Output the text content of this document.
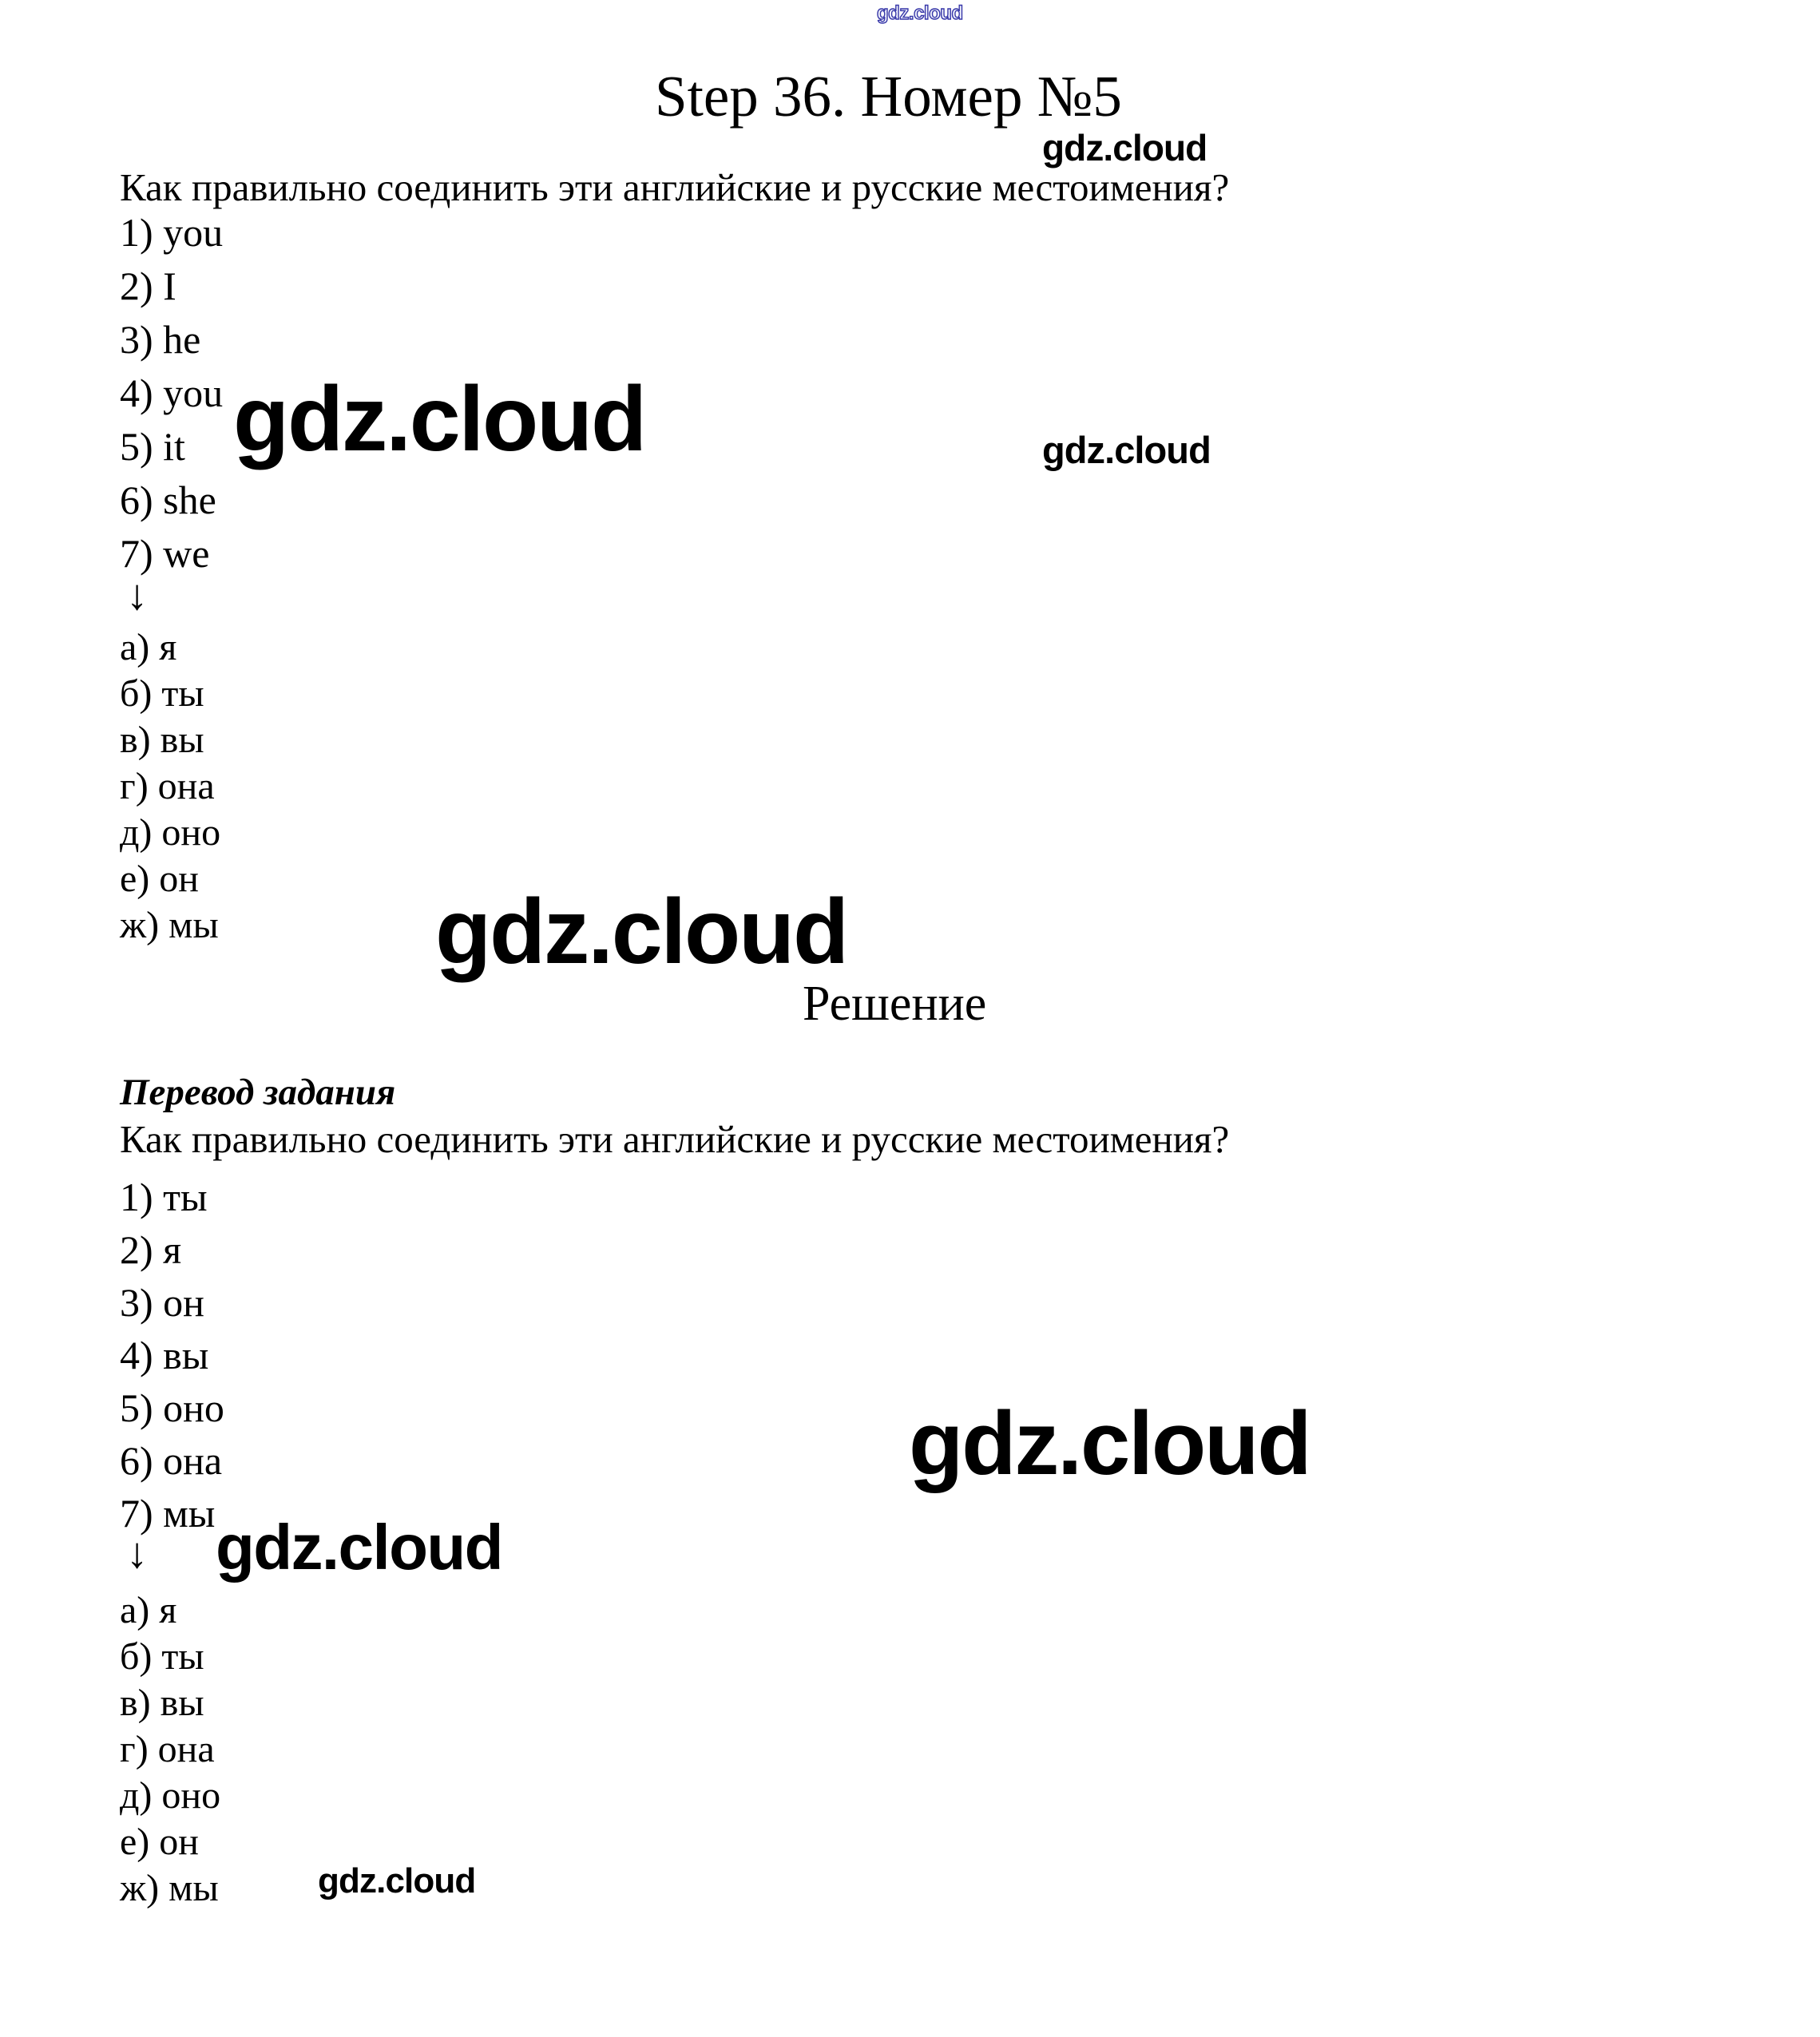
gdz.cloud
Step 36. Номер №5
gdz.cloud

Как правильно соединить эти английские и русские местоимения?

1) you
2) I
3) he
4) you
5) it
6) she
7) we
gdz.cloud	gdz.cloud
↓
а) я
б) ты
в) вы
г) она
д) оно
е) он
ж) мы gdz.cloud
Решение
Перевод задания

Как правильно соединить эти английские и русские местоимения?

1) ты
2) я
3) он
4) вы
5) оно
6) она
7) мы
gdz.cloud
gdz.cloud
↓
а) я
б) ты
в) вы
г) она
д) оно
е) он
ж) мы	gdz.cloud
